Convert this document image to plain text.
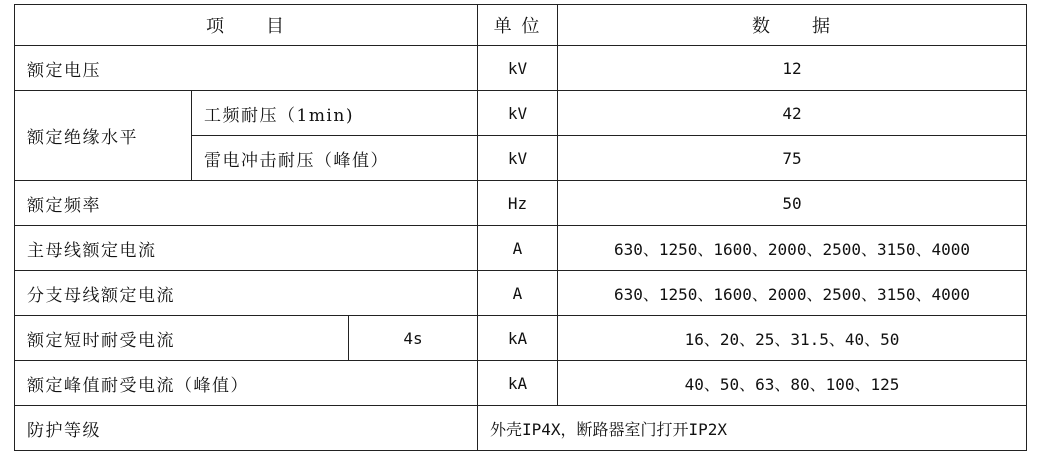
项　　目			单 位	数　　据
额定电压			kV	12
额定绝缘水平	工频耐压（1min)		kV	42
	雷电冲击耐压（峰值）		kV	75
额定频率			Hz	50
主母线额定电流			A	630、1250、1600、2000、2500、3150、4000
分支母线额定电流			A	630、1250、1600、2000、2500、3150、4000
额定短时耐受电流		4s	kA	16、20、25、31.5、40、50
额定峰值耐受电流（峰值）			kA	40、50、63、80、100、125
防护等级			外壳IP4X，断路器室门打开IP2X	
